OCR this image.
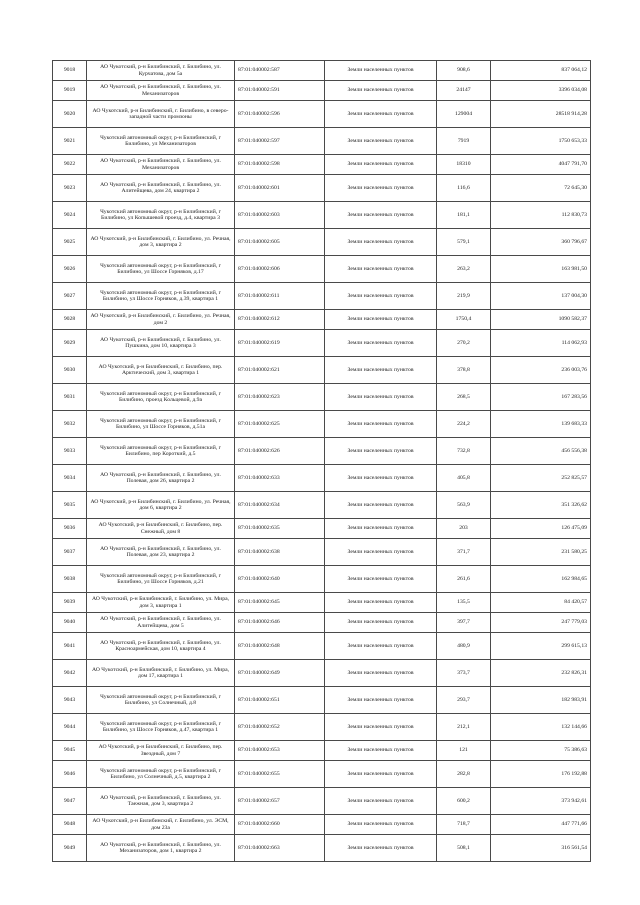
9018	АО Чукотский, р-н Билибинский, г. Билибино, ул. Курчатова, дом 5а	87:01:040002:587	Земли населенных пунктов	908,6	837 064,12
9019	АО Чукотский, р-н Билибинский, г. Билибино, ул. Механизаторов	87:01:040002:591	Земли населенных пунктов	24147	3396 034,08
9020	АО Чукотский, р-н Билибинский, г. Билибино, в северо-западной части промзоны	87:01:040002:596	Земли населенных пунктов	129004	28518 914,28
9021	Чукотский автономный округ, р-н Билибинский, г Билибино, ул Механизаторов	87:01:040002:597	Земли населенных пунктов	7919	1750 653,33
9022	АО Чукотский, р-н Билибинский, г. Билибино, ул. Механизаторов	87:01:040002:598	Земли населенных пунктов	18310	4047 791,70
9023	АО Чукотский, р-н Билибинский, г. Билибино, ул. Алитейщева, дом 24, квартира 2	87:01:040002:601	Земли населенных пунктов	116,6	72 645,30
9024	Чукотский автономный округ, р-н Билибинский, г Билибино, ул Копышевой проезд, д.4, квартира 3	87:01:040002:603	Земли населенных пунктов	181,1	112 830,73
9025	АО Чукотский, р-н Билибинский, г. Билибино, ул. Речная, дом 3, квартира 2	87:01:040002:605	Земли населенных пунктов	579,1	360 796,67
9026	Чукотский автономный округ, р-н Билибинский, г Билибино, ул Шоссе Горняков, д.17	87:01:040002:606	Земли населенных пунктов	263,2	163 981,50
9027	Чукотский автономный округ, р-н Билибинский, г Билибино, ул Шоссе Горняков, д.39, квартира 1	87:01:040002:611	Земли населенных пунктов	219,9	137 004,30
9028	АО Чукотский, р-н Билибинский, г. Билибино, ул. Речная, дом 2	87:01:040002:612	Земли населенных пунктов	1750,4	1090 582,37
9029	АО Чукотский, р-н Билибинский, г. Билибино, ул. Пушкина, дом 10, квартира 3	87:01:040002:619	Земли населенных пунктов	270,2	114 062,93
9030	АО Чукотский, р-н Билибинский, г. Билибино, пер. Арктический, дом 3, квартира 1	87:01:040002:621	Земли населенных пунктов	378,8	236 003,76
9031	Чукотский автономный округ, р-н Билибинский, г Билибино, проезд Кольцевой, д.9а	87:01:040002:623	Земли населенных пунктов	268,5	167 283,56
9032	Чукотский автономный округ, р-н Билибинский, г Билибино, ул Шоссе Горняков, д.51а	87:01:040002:625	Земли населенных пунктов	224,2	139 683,33
9033	Чукотский автономный округ, р-н Билибинский, г Билибино, пер Короткий, д.5	87:01:040002:626	Земли населенных пунктов	732,8	456 556,38
9034	АО Чукотский, р-н Билибинский, г. Билибино, ул. Полевая, дом 26, квартира 2	87:01:040002:633	Земли населенных пунктов	405,8	252 825,57
9035	АО Чукотский, р-н Билибинский, г. Билибино, ул. Речная, дом 6, квартира 2	87:01:040002:634	Земли населенных пунктов	563,9	351 326,62
9036	АО Чукотский, р-н Билибинский, г. Билибино, пер. Снежный, дом 8	87:01:040002:635	Земли населенных пунктов	203	126 475,09
9037	АО Чукотский, р-н Билибинский, г. Билибино, ул. Полевая, дом 23, квартира 2	87:01:040002:638	Земли населенных пунктов	371,7	231 580,25
9038	Чукотский автономный округ, р-н Билибинский, г Билибино, ул Шоссе Горняков, д.21	87:01:040002:640	Земли населенных пунктов	261,6	162 984,65
9039	АО Чукотский, р-н Билибинский, г. Билибино, ул. Мира, дом 3, квартира 1	87:01:040002:645	Земли населенных пунктов	135,5	84 420,57
9040	АО Чукотский, р-н Билибинский, г. Билибино, ул. Алитейщева, дом 5	87:01:040002:646	Земли населенных пунктов	397,7	247 779,03
9041	АО Чукотский, р-н Билибинский, г. Билибино, ул. Красноармейская, дом 10, квартира 4	87:01:040002:648	Земли населенных пунктов	480,9	299 615,13
9042	АО Чукотский, р-н Билибинский, г. Билибино, ул. Мира, дом 17, квартира 1	87:01:040002:649	Земли населенных пунктов	373,7	232 826,31
9043	Чукотский автономный округ, р-н Билибинский, г Билибино, ул Солнечный, д.8	87:01:040002:651	Земли населенных пунктов	293,7	182 983,91
9044	Чукотский автономный округ, р-н Билибинский, г Билибино, ул Шоссе Горняков, д.47, квартира 1	87:01:040002:652	Земли населенных пунктов	212,1	132 144,66
9045	АО Чукотский, р-н Билибинский, г. Билибино, пер. Звездный, дом 7	87:01:040002:653	Земли населенных пунктов	121	75 386,63
9046	Чукотский автономный округ, р-н Билибинский, г Билибино, ул Солнечный, д.5, квартира 2	87:01:040002:655	Земли населенных пунктов	282,8	176 192,88
9047	АО Чукотский, р-н Билибинский, г. Билибино, ул. Таежная, дом 3, квартира 2	87:01:040002:657	Земли населенных пунктов	600,2	373 942,61
9048	АО Чукотский, р-н Билибинский, г. Билибино, ул. ЭСМ, дом 23а	87:01:040002:660	Земли населенных пунктов	718,7	447 771,66
9049	АО Чукотский, р-н Билибинский, г. Билибино, ул. Механизаторов, дом 1, квартира 2	87:01:040002:663	Земли населенных пунктов	508,1	316 561,54
